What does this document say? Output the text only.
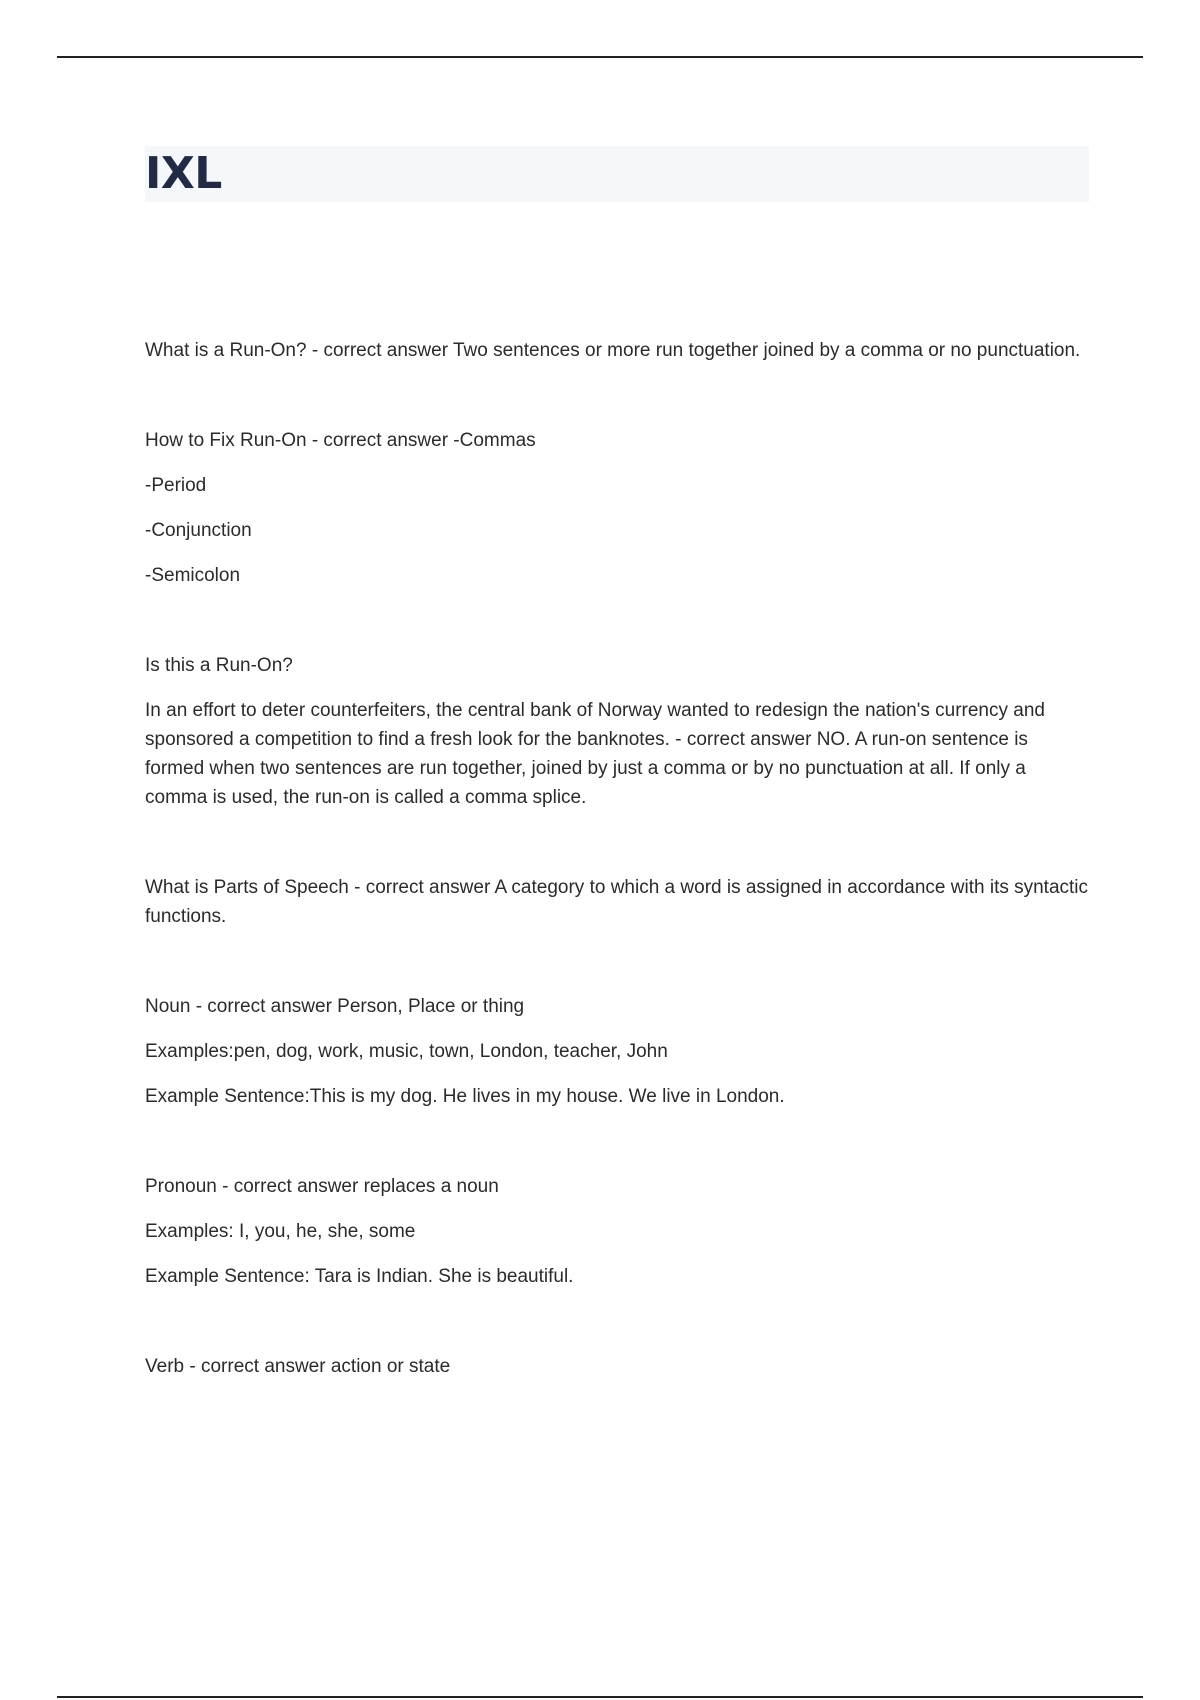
IXL

What is a Run-On? - correct answer Two sentences or more run together joined by a comma or no punctuation.

How to Fix Run-On - correct answer -Commas

-Period

-Conjunction

-Semicolon

Is this a Run-On?

In an effort to deter counterfeiters, the central bank of Norway wanted to redesign the nation's currency and sponsored a competition to find a fresh look for the banknotes. - correct answer NO. A run-on sentence is formed when two sentences are run together, joined by just a comma or by no punctuation at all. If only a comma is used, the run-on is called a comma splice.

What is Parts of Speech - correct answer A category to which a word is assigned in accordance with its syntactic functions.

Noun - correct answer Person, Place or thing

Examples:pen, dog, work, music, town, London, teacher, John

Example Sentence:This is my dog. He lives in my house. We live in London.

Pronoun - correct answer replaces a noun

Examples: I, you, he, she, some

Example Sentence: Tara is Indian. She is beautiful.

Verb - correct answer action or state
